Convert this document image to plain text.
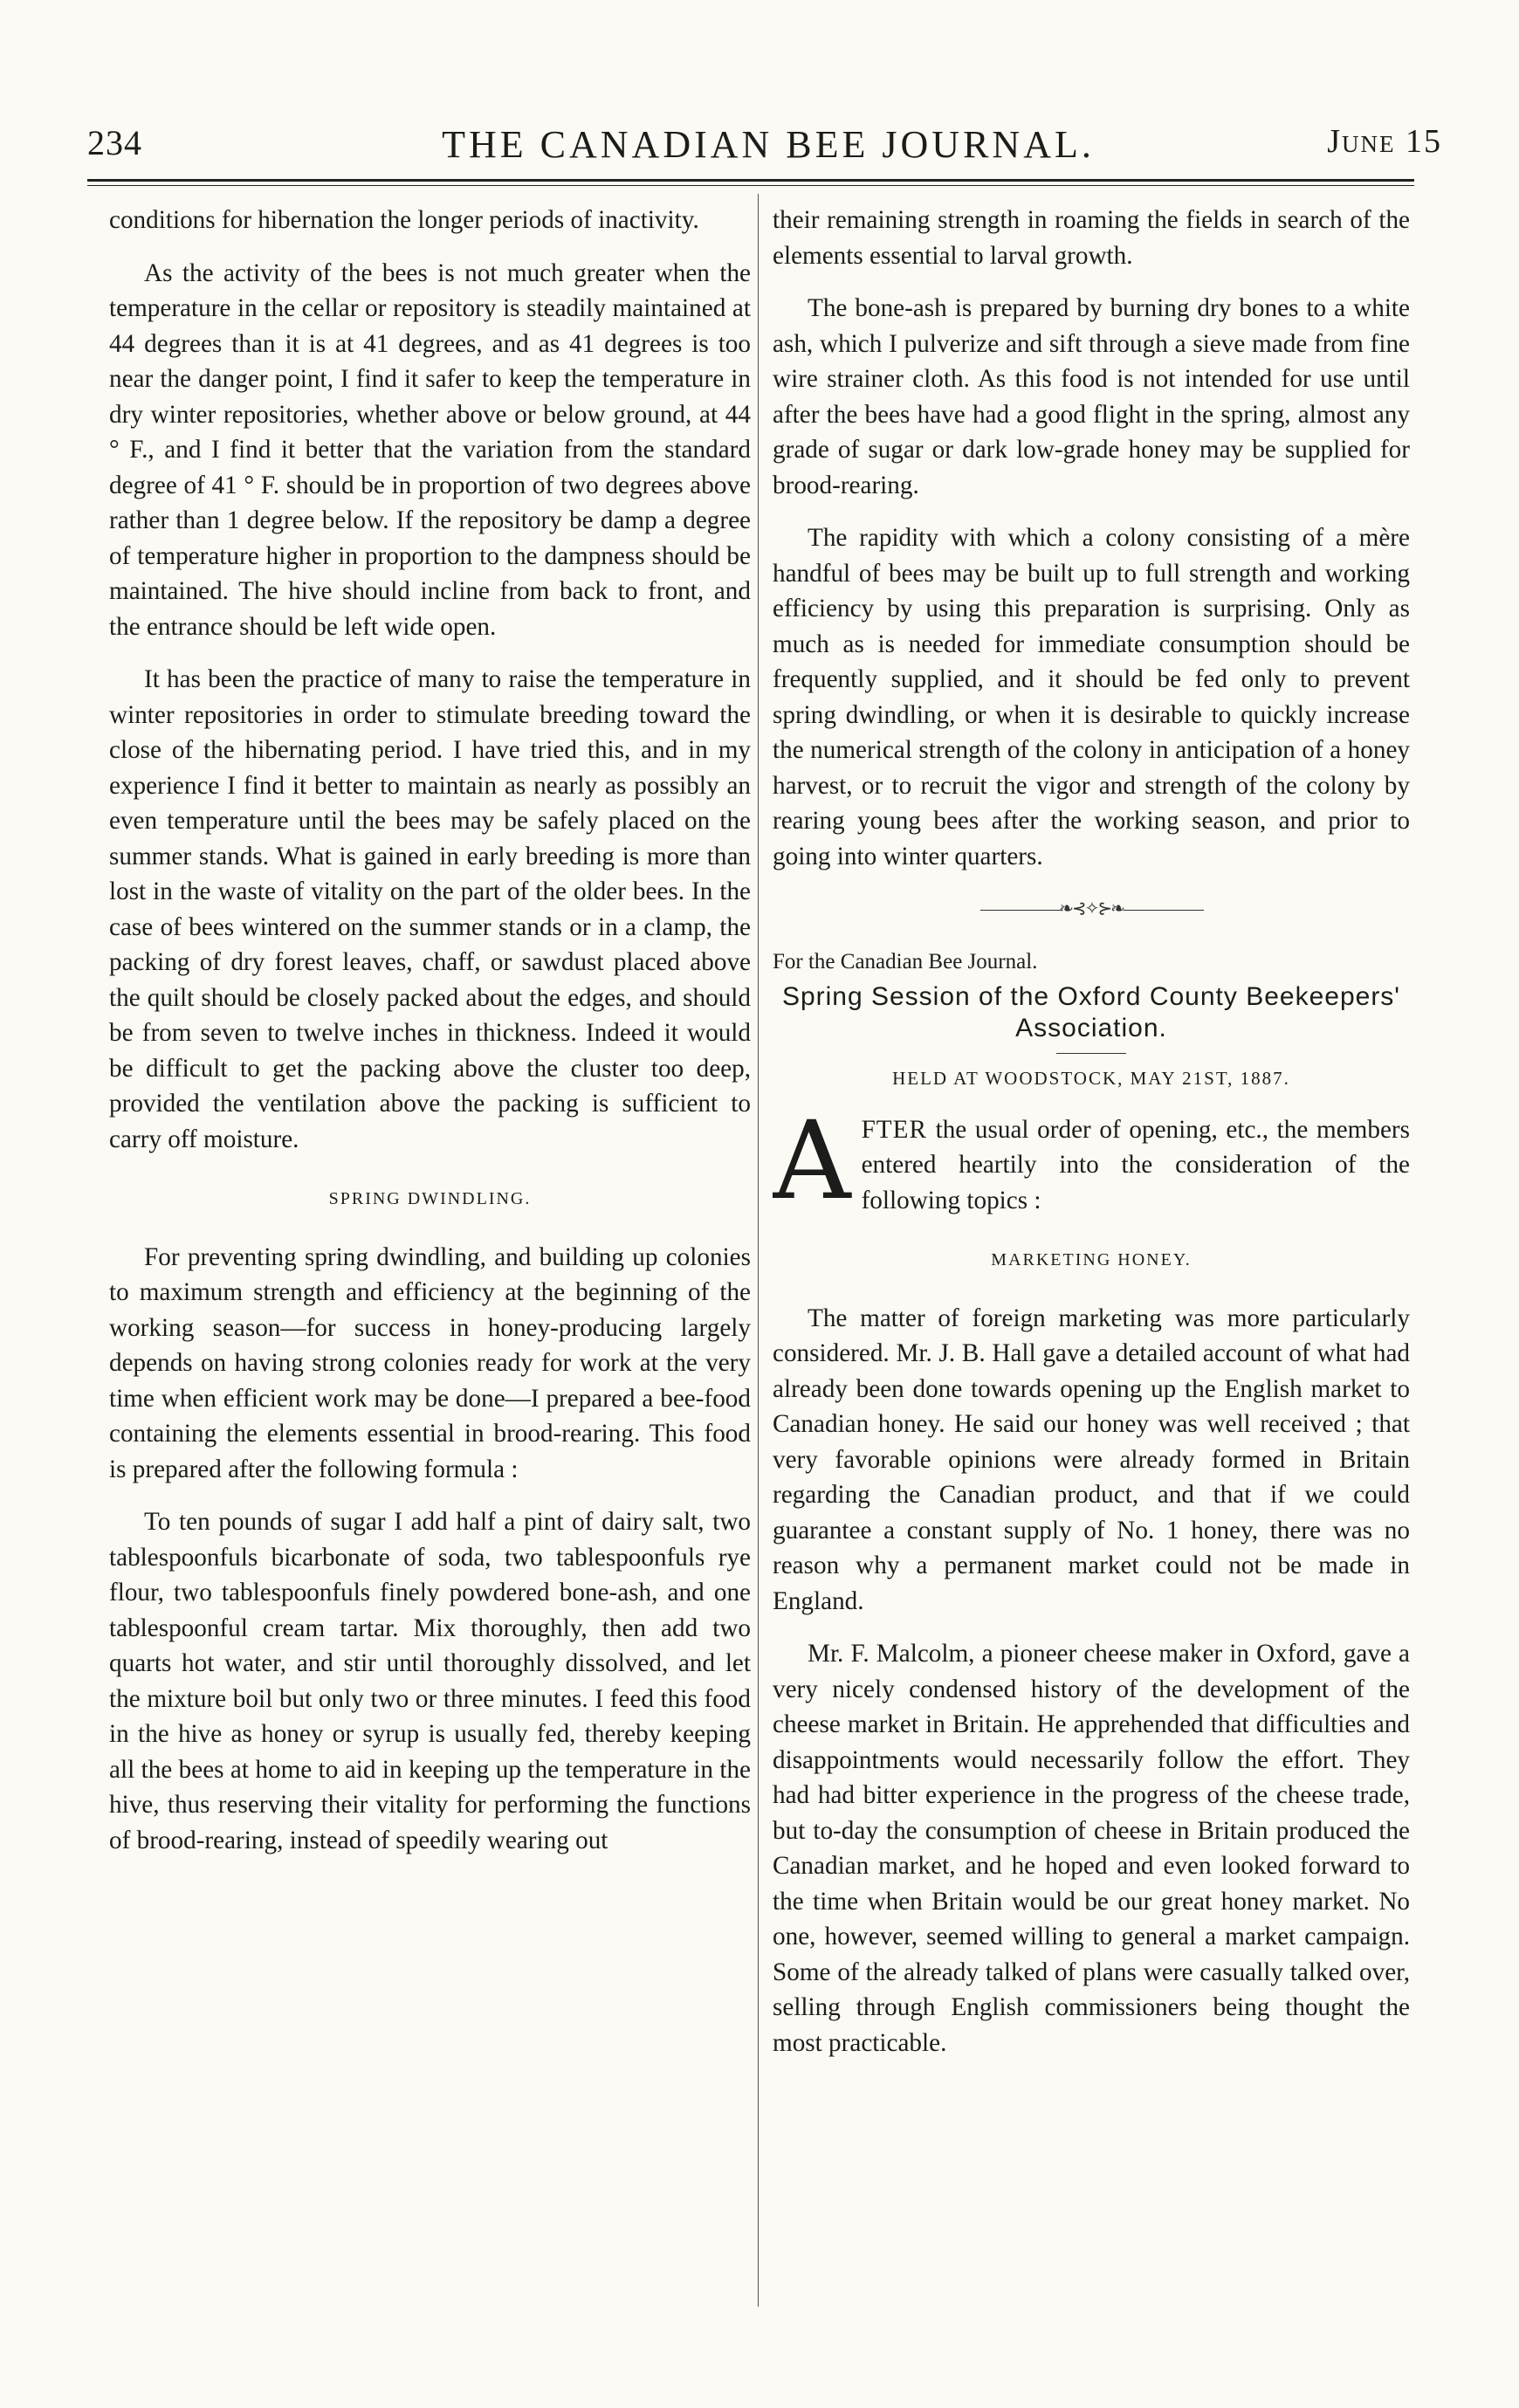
234	THE CANADIAN BEE JOURNAL.	June 15

conditions for hibernation the longer periods of inactivity.

As the activity of the bees is not much greater when the temperature in the cellar or repository is steadily maintained at 44 degrees than it is at 41 degrees, and as 41 degrees is too near the danger point, I find it safer to keep the temperature in dry winter repositories, whether above or below ground, at 44 ° F., and I find it better that the variation from the standard degree of 41 ° F. should be in proportion of two degrees above rather than 1 degree below. If the repository be damp a degree of temperature higher in proportion to the dampness should be maintained. The hive should incline from back to front, and the entrance should be left wide open.

It has been the practice of many to raise the temperature in winter repositories in order to stimulate breeding toward the close of the hibernating period. I have tried this, and in my experience I find it better to maintain as nearly as possibly an even temperature until the bees may be safely placed on the summer stands. What is gained in early breeding is more than lost in the waste of vitality on the part of the older bees. In the case of bees wintered on the summer stands or in a clamp, the packing of dry forest leaves, chaff, or sawdust placed above the quilt should be closely packed about the edges, and should be from seven to twelve inches in thickness. Indeed it would be difficult to get the packing above the cluster too deep, provided the ventilation above the packing is sufficient to carry off moisture.

SPRING DWINDLING.

For preventing spring dwindling, and building up colonies to maximum strength and efficiency at the beginning of the working season—for success in honey-producing largely depends on having strong colonies ready for work at the very time when efficient work may be done—I prepared a bee-food containing the elements essential in brood-rearing. This food is prepared after the following formula :

To ten pounds of sugar I add half a pint of dairy salt, two tablespoonfuls bicarbonate of soda, two tablespoonfuls rye flour, two tablespoonfuls finely powdered bone-ash, and one tablespoonful cream tartar. Mix thoroughly, then add two quarts hot water, and stir until thoroughly dissolved, and let the mixture boil but only two or three minutes. I feed this food in the hive as honey or syrup is usually fed, thereby keeping all the bees at home to aid in keeping up the temperature in the hive, thus reserving their vitality for performing the functions of brood-rearing, instead of speedily wearing out

their remaining strength in roaming the fields in search of the elements essential to larval growth.

The bone-ash is prepared by burning dry bones to a white ash, which I pulverize and sift through a sieve made from fine wire strainer cloth. As this food is not intended for use until after the bees have had a good flight in the spring, almost any grade of sugar or dark low-grade honey may be supplied for brood-rearing.

The rapidity with which a colony consisting of a mère handful of bees may be built up to full strength and working efficiency by using this preparation is surprising. Only as much as is needed for immediate consumption should be frequently supplied, and it should be fed only to prevent spring dwindling, or when it is desirable to quickly increase the numerical strength of the colony in anticipation of a honey harvest, or to recruit the vigor and strength of the colony by rearing young bees after the working season, and prior to going into winter quarters.

—————❧⊰✧⊱❧—————
For the Canadian Bee Journal.
Spring Session of the Oxford County Beekeepers' Association.
HELD AT WOODSTOCK, MAY 21ST, 1887.
A FTER the usual order of opening, etc., the members entered heartily into the consideration of the following topics :
MARKETING HONEY.

The matter of foreign marketing was more particularly considered. Mr. J. B. Hall gave a detailed account of what had already been done towards opening up the English market to Canadian honey. He said our honey was well received ; that very favorable opinions were already formed in Britain regarding the Canadian product, and that if we could guarantee a constant supply of No. 1 honey, there was no reason why a permanent market could not be made in England.

Mr. F. Malcolm, a pioneer cheese maker in Oxford, gave a very nicely condensed history of the development of the cheese market in Britain. He apprehended that difficulties and disappointments would necessarily follow the effort. They had had bitter experience in the progress of the cheese trade, but to-day the consumption of cheese in Britain produced the Canadian market, and he hoped and even looked forward to the time when Britain would be our great honey market. No one, however, seemed willing to general a market campaign. Some of the already talked of plans were casually talked over, selling through English commissioners being thought the most practicable.
